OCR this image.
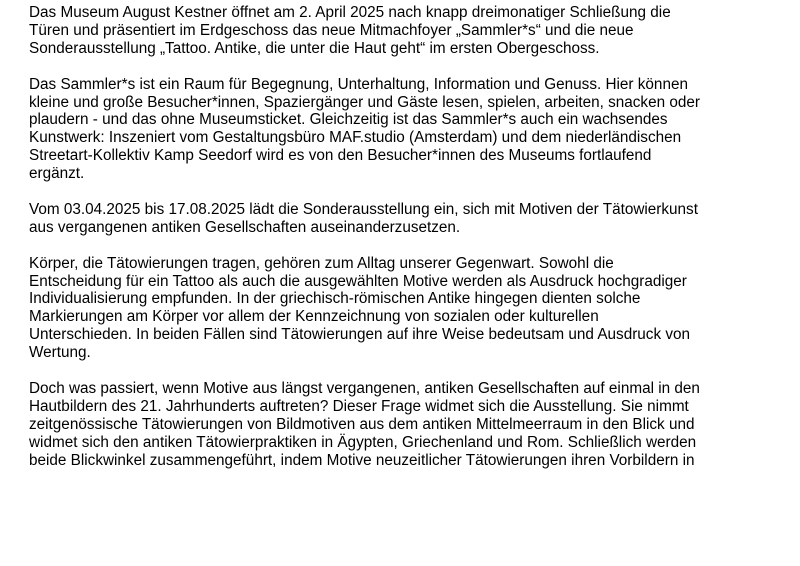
Das Museum August Kestner öffnet am 2. April 2025 nach knapp dreimonatiger Schließung die
Türen und präsentiert im Erdgeschoss das neue Mitmachfoyer „Sammler*s“ und die neue
Sonderausstellung „Tattoo. Antike, die unter die Haut geht“ im ersten Obergeschoss.

Das Sammler*s ist ein Raum für Begegnung, Unterhaltung, Information und Genuss. Hier können
kleine und große Besucher*innen, Spaziergänger und Gäste lesen, spielen, arbeiten, snacken oder
plaudern - und das ohne Museumsticket. Gleichzeitig ist das Sammler*s auch ein wachsendes
Kunstwerk: Inszeniert vom Gestaltungsbüro MAF.studio (Amsterdam) und dem niederländischen
Streetart-Kollektiv Kamp Seedorf wird es von den Besucher*innen des Museums fortlaufend
ergänzt.

Vom 03.04.2025 bis 17.08.2025 lädt die Sonderausstellung ein, sich mit Motiven der Tätowierkunst
aus vergangenen antiken Gesellschaften auseinanderzusetzen.

Körper, die Tätowierungen tragen, gehören zum Alltag unserer Gegenwart. Sowohl die
Entscheidung für ein Tattoo als auch die ausgewählten Motive werden als Ausdruck hochgradiger
Individualisierung empfunden. In der griechisch-römischen Antike hingegen dienten solche
Markierungen am Körper vor allem der Kennzeichnung von sozialen oder kulturellen
Unterschieden. In beiden Fällen sind Tätowierungen auf ihre Weise bedeutsam und Ausdruck von
Wertung.

Doch was passiert, wenn Motive aus längst vergangenen, antiken Gesellschaften auf einmal in den
Hautbildern des 21. Jahrhunderts auftreten? Dieser Frage widmet sich die Ausstellung. Sie nimmt
zeitgenössische Tätowierungen von Bildmotiven aus dem antiken Mittelmeerraum in den Blick und
widmet sich den antiken Tätowierpraktiken in Ägypten, Griechenland und Rom. Schließlich werden
beide Blickwinkel zusammengeführt, indem Motive neuzeitlicher Tätowierungen ihren Vorbildern in
